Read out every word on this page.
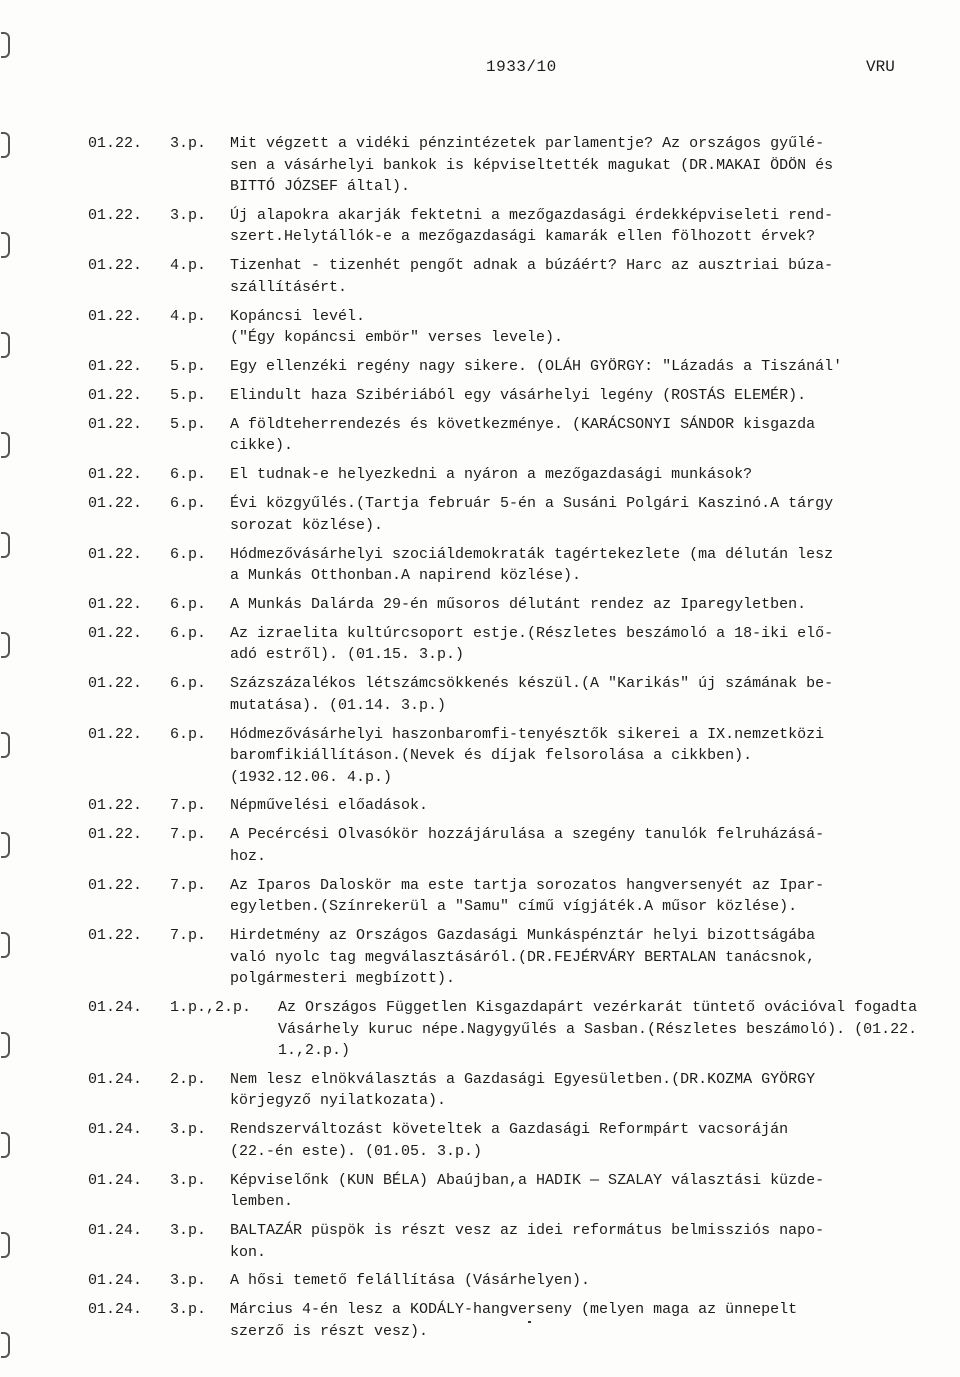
1933/10	VRU
01.22.	3.p.	Mit végzett a vidéki pénzintézetek parlamentje? Az országos gyűlé-
sen a vásárhelyi bankok is képviseltették magukat (DR.MAKAI ÖDÖN és
BITTÓ JÓZSEF által).
01.22.	3.p.	Új alapokra akarják fektetni a mezőgazdasági érdekképviseleti rend-
szert.Helytállók-e a mezőgazdasági kamarák ellen fölhozott érvek?
01.22.	4.p.	Tizenhat - tizenhét pengőt adnak a búzáért? Harc az ausztriai búza-
szállításért.
01.22.	4.p.	Kopáncsi levél.
("Égy kopáncsi embör" verses levele).
01.22.	5.p.	Egy ellenzéki regény nagy sikere. (OLÁH GYÖRGY: "Lázadás a Tiszánál'
01.22.	5.p.	Elindult haza Szibériából egy vásárhelyi legény (ROSTÁS ELEMÉR).
01.22.	5.p.	A földteherrendezés és következménye. (KARÁCSONYI SÁNDOR kisgazda
cikke).
01.22.	6.p.	El tudnak-e helyezkedni a nyáron a mezőgazdasági munkások?
01.22.	6.p.	Évi közgyűlés.(Tartja február 5-én a Susáni Polgári Kaszinó.A tárgy
sorozat közlése).
01.22.	6.p.	Hódmezővásárhelyi szociáldemokraták tagértekezlete (ma délután lesz
a Munkás Otthonban.A napirend közlése).
01.22.	6.p.	A Munkás Dalárda 29-én műsoros délutánt rendez az Iparegyletben.
01.22.	6.p.	Az izraelita kultúrcsoport estje.(Részletes beszámoló a 18-iki elő-
adó estről). (01.15. 3.p.)
01.22.	6.p.	Százszázalékos létszámcsökkenés készül.(A "Karikás" új számának be-
mutatása). (01.14. 3.p.)
01.22.	6.p.	Hódmezővásárhelyi haszonbaromfi-tenyésztők sikerei a IX.nemzetközi
baromfikiállításon.(Nevek és díjak felsorolása a cikkben).
(1932.12.06. 4.p.)
01.22.	7.p.	Népművelési előadások.
01.22.	7.p.	A Pecércési Olvasókör hozzájárulása a szegény tanulók felruházásá-
hoz.
01.22.	7.p.	Az Iparos Daloskör ma este tartja sorozatos hangversenyét az Ipar-
egyletben.(Színrekerül a "Samu" című vígjáték.A műsor közlése).
01.22.	7.p.	Hirdetmény az Országos Gazdasági Munkáspénztár helyi bizottságába
való nyolc tag megválasztásáról.(DR.FEJÉRVÁRY BERTALAN tanácsnok,
polgármesteri megbízott).
01.24.	1.p.,2.p.	Az Országos Független Kisgazdapárt vezérkarát tüntető ovációval fogadta Vásárhely kuruc népe.Nagygyűlés a Sasban.(Részletes beszámoló). (01.22. 1.,2.p.)
01.24.	2.p.	Nem lesz elnökválasztás a Gazdasági Egyesületben.(DR.KOZMA GYÖRGY
körjegyző nyilatkozata).
01.24.	3.p.	Rendszerváltozást követeltek a Gazdasági Reformpárt vacsoráján
(22.-én este). (01.05. 3.p.)
01.24.	3.p.	Képviselőnk (KUN BÉLA) Abaújban,a HADIK — SZALAY választási küzde-
lemben.
01.24.	3.p.	BALTAZÁR püspök is részt vesz az idei református belmissziós napo-
kon.
01.24.	3.p.	A hősi temető felállítása (Vásárhelyen).
01.24.	3.p.	Március 4-én lesz a KODÁLY-hangverseny (melyen maga az ünnepelt
szerző is részt vesz).
